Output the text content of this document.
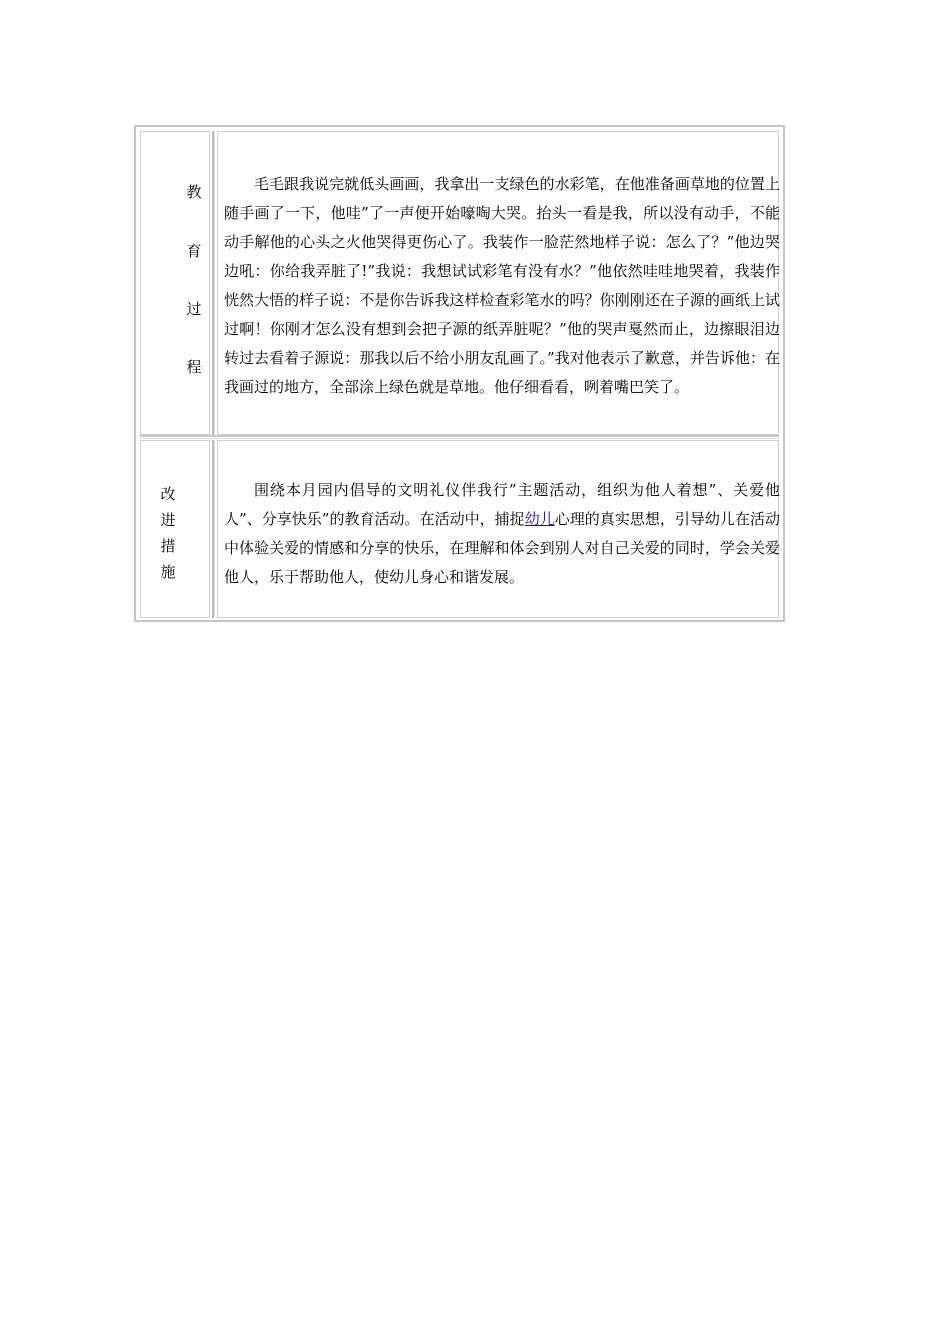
教
育
过
程

毛毛跟我说完就低头画画，我拿出一支绿色的水彩笔，在他准备画草地的位置上随手画了一下，他哇”了一声便开始嚎啕大哭。抬头一看是我，所以没有动手，不能动手解他的心头之火他哭得更伤心了。我装作一脸茫然地样子说：怎么了？”他边哭边吼：你给我弄脏了!”我说：我想试试彩笔有没有水？”他依然哇哇地哭着，我装作恍然大悟的样子说：不是你告诉我这样检查彩笔水的吗？你刚刚还在子源的画纸上试过啊！你刚才怎么没有想到会把子源的纸弄脏呢？”他的哭声戛然而止，边擦眼泪边转过去看着子源说：那我以后不给小朋友乱画了。”我对他表示了歉意，并告诉他：在我画过的地方，全部涂上绿色就是草地。他仔细看看，咧着嘴巴笑了。

改
进
措
施

围绕本月园内倡导的文明礼仪伴我行”主题活动，组织为他人着想”、关爱他人”、分享快乐”的教育活动。在活动中，捕捉幼儿心理的真实思想，引导幼儿在活动中体验关爱的情感和分享的快乐，在理解和体会到别人对自己关爱的同时，学会关爱他人，乐于帮助他人，使幼儿身心和谐发展。
